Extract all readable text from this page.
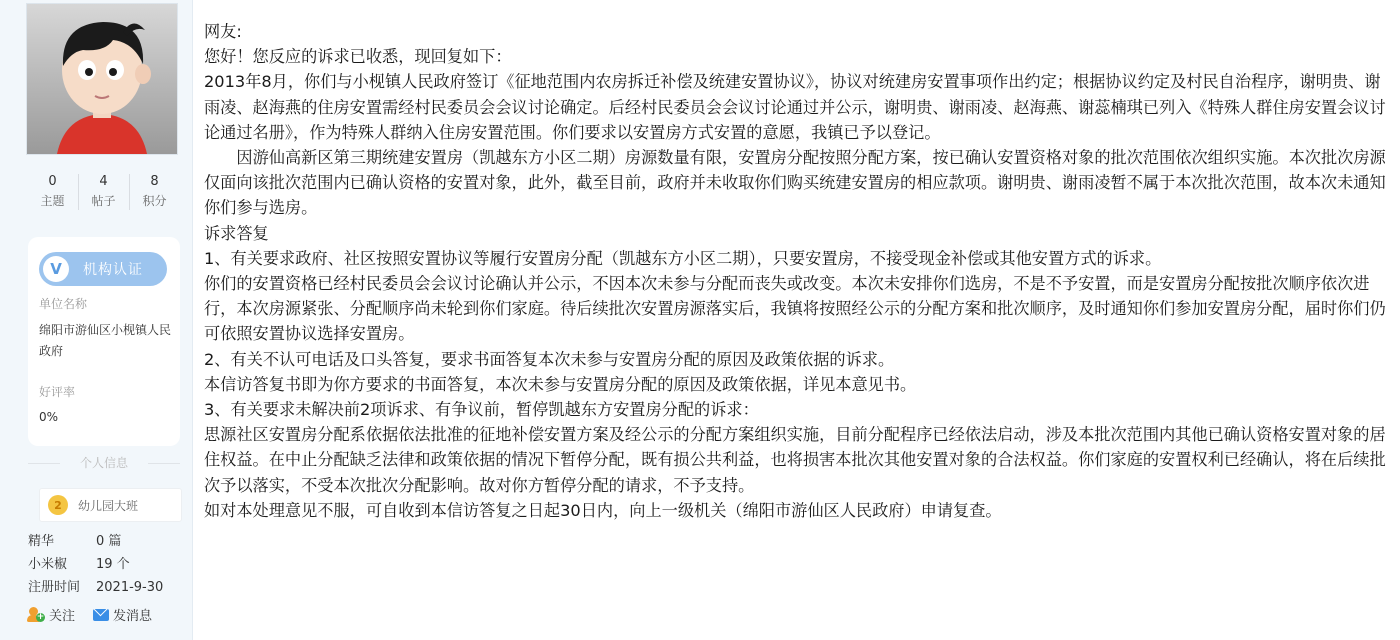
0
主题
4
帖子
8
积分
V	机构认证
单位名称
绵阳市游仙区小枧镇人民政府
好评率
0%
个人信息
2	幼儿园大班
精华	0 篇
小米椒 19 个
注册时间 2021-9-30
+ 关注	发消息

网友:

您好！您反应的诉求已收悉，现回复如下：

2013年8月，你们与小枧镇人民政府签订《征地范围内农房拆迁补偿及统建安置协议》，协议对统建房安置事项作出约定；根据协议约定及村民自治程序，谢明贵、谢雨凌、赵海燕的住房安置需经村民委员会会议讨论确定。后经村民委员会会议讨论通过并公示，谢明贵、谢雨凌、赵海燕、谢蕊楠琪已列入《特殊人群住房安置会议讨论通过名册》，作为特殊人群纳入住房安置范围。你们要求以安置房方式安置的意愿，我镇已予以登记。

因游仙高新区第三期统建安置房（凯越东方小区二期）房源数量有限，安置房分配按照分配方案，按已确认安置资格对象的批次范围依次组织实施。本次批次房源仅面向该批次范围内已确认资格的安置对象，此外，截至目前，政府并未收取你们购买统建安置房的相应款项。谢明贵、谢雨凌暂不属于本次批次范围，故本次未通知你们参与选房。

诉求答复

1、有关要求政府、社区按照安置协议等履行安置房分配（凯越东方小区二期），只要安置房，不接受现金补偿或其他安置方式的诉求。

你们的安置资格已经村民委员会会议讨论确认并公示，不因本次未参与分配而丧失或改变。本次未安排你们选房，不是不予安置，而是安置房分配按批次顺序依次进行，本次房源紧张、分配顺序尚未轮到你们家庭。待后续批次安置房源落实后，我镇将按照经公示的分配方案和批次顺序，及时通知你们参加安置房分配，届时你们仍可依照安置协议选择安置房。

2、有关不认可电话及口头答复，要求书面答复本次未参与安置房分配的原因及政策依据的诉求。

本信访答复书即为你方要求的书面答复，本次未参与安置房分配的原因及政策依据，详见本意见书。

3、有关要求未解决前2项诉求、有争议前，暂停凯越东方安置房分配的诉求：

思源社区安置房分配系依据依法批准的征地补偿安置方案及经公示的分配方案组织实施，目前分配程序已经依法启动，涉及本批次范围内其他已确认资格安置对象的居住权益。在中止分配缺乏法律和政策依据的情况下暂停分配，既有损公共利益，也将损害本批次其他安置对象的合法权益。你们家庭的安置权利已经确认，将在后续批次予以落实，不受本次批次分配影响。故对你方暂停分配的请求，不予支持。

如对本处理意见不服，可自收到本信访答复之日起30日内，向上一级机关（绵阳市游仙区人民政府）申请复查。
